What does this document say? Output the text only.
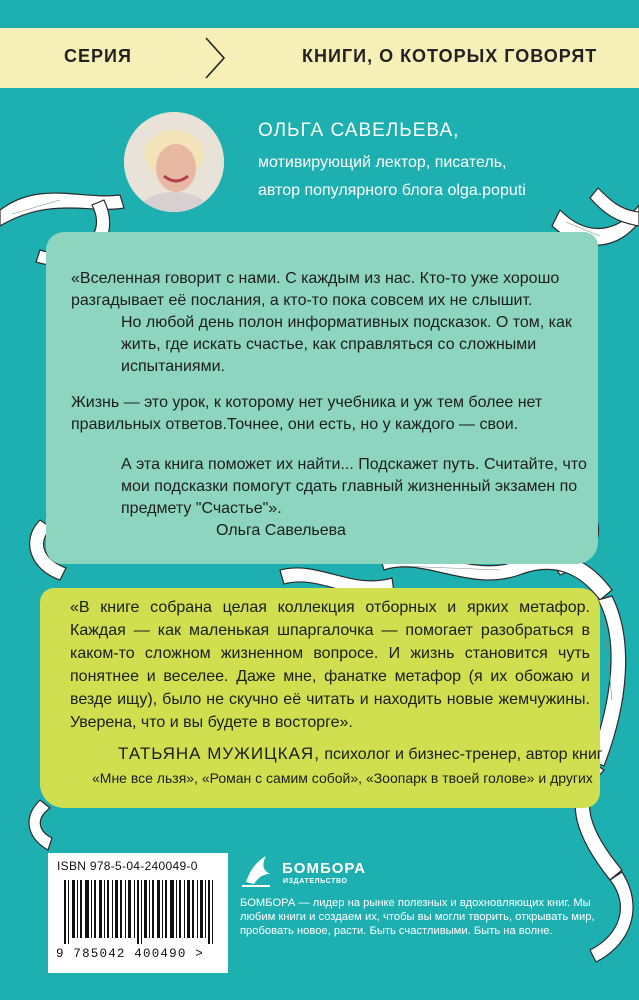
СЕРИЯ	КНИГИ, О КОТОРЫХ ГОВОРЯТ
ОЛЬГА САВЕЛЬЕВА,
мотивирующий лектор, писатель,
автор популярного блога olga.poputi
«Вселенная говорит с нами. С каждым из нас. Кто-то уже хорошо разгадывает её послания, а кто-то пока совсем их не слышит.
Но любой день полон информативных подсказок. О том, как жить, где искать счастье, как справляться со сложными испытаниями.
Жизнь — это урок, к которому нет учебника и уж тем более нет правильных ответов.Точнее, они есть, но у каждого — свои.
А эта книга поможет их найти... Подскажет путь. Считайте, что мои подсказки помогут сдать главный жизненный экзамен по предмету "Счастье"».
Ольга Савельева
«В книге собрана целая коллекция отборных и ярких метафор. Каждая — как маленькая шпаргалочка — помогает разобраться в каком-то сложном жизненном вопросе. И жизнь становится чуть понятнее и веселее. Даже мне, фанатке метафор (я их обожаю и везде ищу), было не скучно её читать и находить новые жемчужины. Уверена, что и вы будете в восторге».
ТАТЬЯНА МУЖИЦКАЯ, психолог и бизнес-тренер, автор книг
«Мне все льзя», «Роман с самим собой», «Зоопарк в твоей голове» и других
ISBN 978-5-04-240049-0
9 785042 400490 >
БОМБОРА
ИЗДАТЕЛЬСТВО
БОМБОРА — лидер на рынке полезных и вдохновляющих книг. Мы любим книги и создаем их, чтобы вы могли творить, открывать мир, пробовать новое, расти. Быть счастливыми. Быть на волне.
